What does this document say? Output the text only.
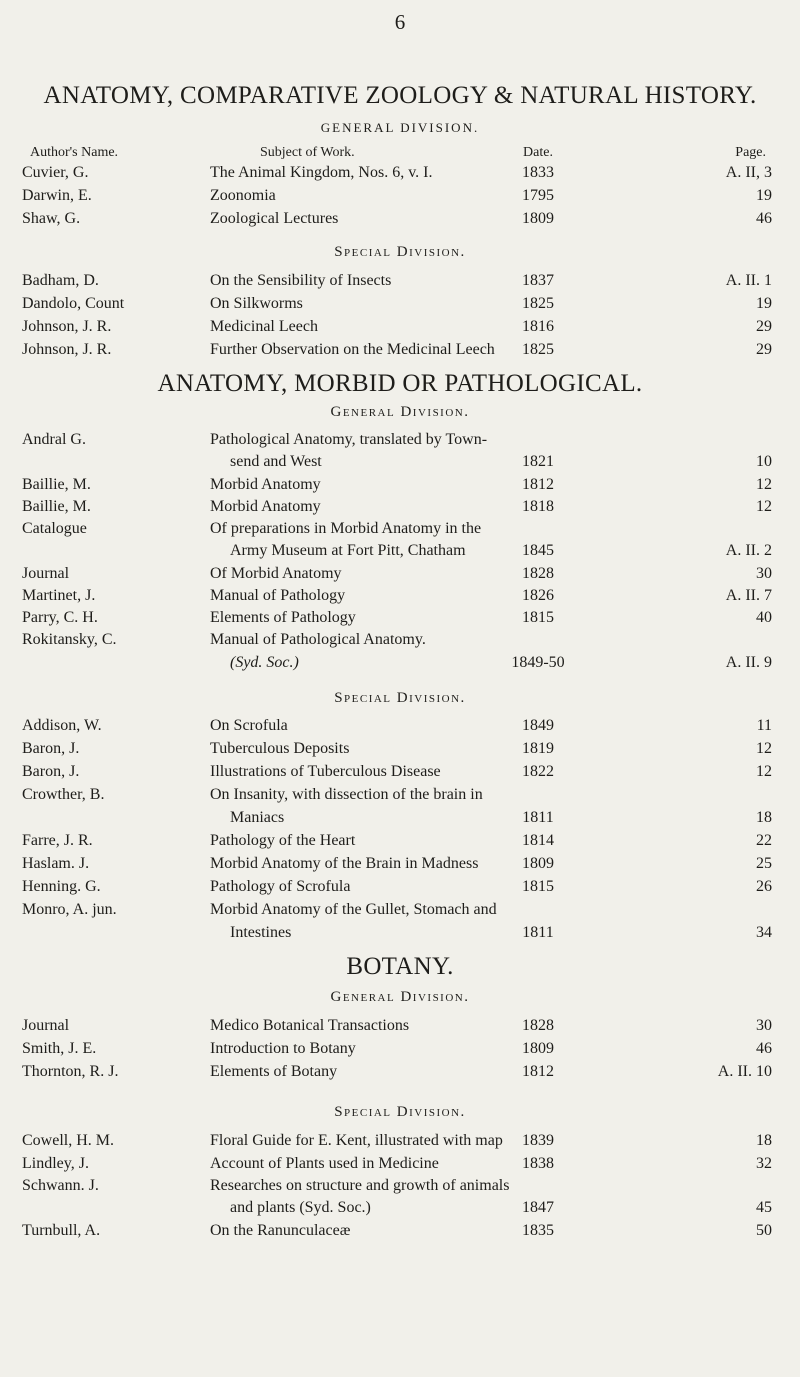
6
ANATOMY, COMPARATIVE ZOOLOGY & NATURAL HISTORY.
GENERAL DIVISION.
Author's Name.	Subject of Work.	Date.	Page.
Cuvier, G.	The Animal Kingdom, Nos. 6, v. I.	1833	A. II, 3
Darwin, E.	Zoonomia	1795	19
Shaw, G.	Zoological Lectures	1809	46
Special Division.
Badham, D.	On the Sensibility of Insects	1837	A. II. 1
Dandolo, Count	On Silkworms	1825	19
Johnson, J. R.	Medicinal Leech	1816	29
Johnson, J. R.	Further Observation on the Medicinal Leech	1825	29
ANATOMY, MORBID OR PATHOLOGICAL.
General Division.
Andral G.	Pathological Anatomy, translated by Town-
send and West	1821	10
Baillie, M.	Morbid Anatomy	1812	12
Baillie, M.	Morbid Anatomy	1818	12
Catalogue	Of preparations in Morbid Anatomy in the
Army Museum at Fort Pitt, Chatham	1845	A. II. 2
Journal	Of Morbid Anatomy	1828	30
Martinet, J.	Manual of Pathology	1826	A. II. 7
Parry, C. H.	Elements of Pathology	1815	40
Rokitansky, C.	Manual of Pathological Anatomy.
(Syd. Soc.)	1849-50	A. II. 9
Special Division.
Addison, W.	On Scrofula	1849	11
Baron, J.	Tuberculous Deposits	1819	12
Baron, J.	Illustrations of Tuberculous Disease	1822	12
Crowther, B.	On Insanity, with dissection of the brain in
Maniacs	1811	18
Farre, J. R.	Pathology of the Heart	1814	22
Haslam. J.	Morbid Anatomy of the Brain in Madness	1809	25
Henning. G.	Pathology of Scrofula	1815	26
Monro, A. jun.	Morbid Anatomy of the Gullet, Stomach and
Intestines	1811	34
BOTANY.
General Division.
Journal	Medico Botanical Transactions	1828	30
Smith, J. E.	Introduction to Botany	1809	46
Thornton, R. J.	Elements of Botany	1812	A. II. 10
Special Division.
Cowell, H. M.	Floral Guide for E. Kent, illustrated with map	1839	18
Lindley, J.	Account of Plants used in Medicine	1838	32
Schwann. J.	Researches on structure and growth of animals
and plants (Syd. Soc.)	1847	45
Turnbull, A.	On the Ranunculaceæ	1835	50
